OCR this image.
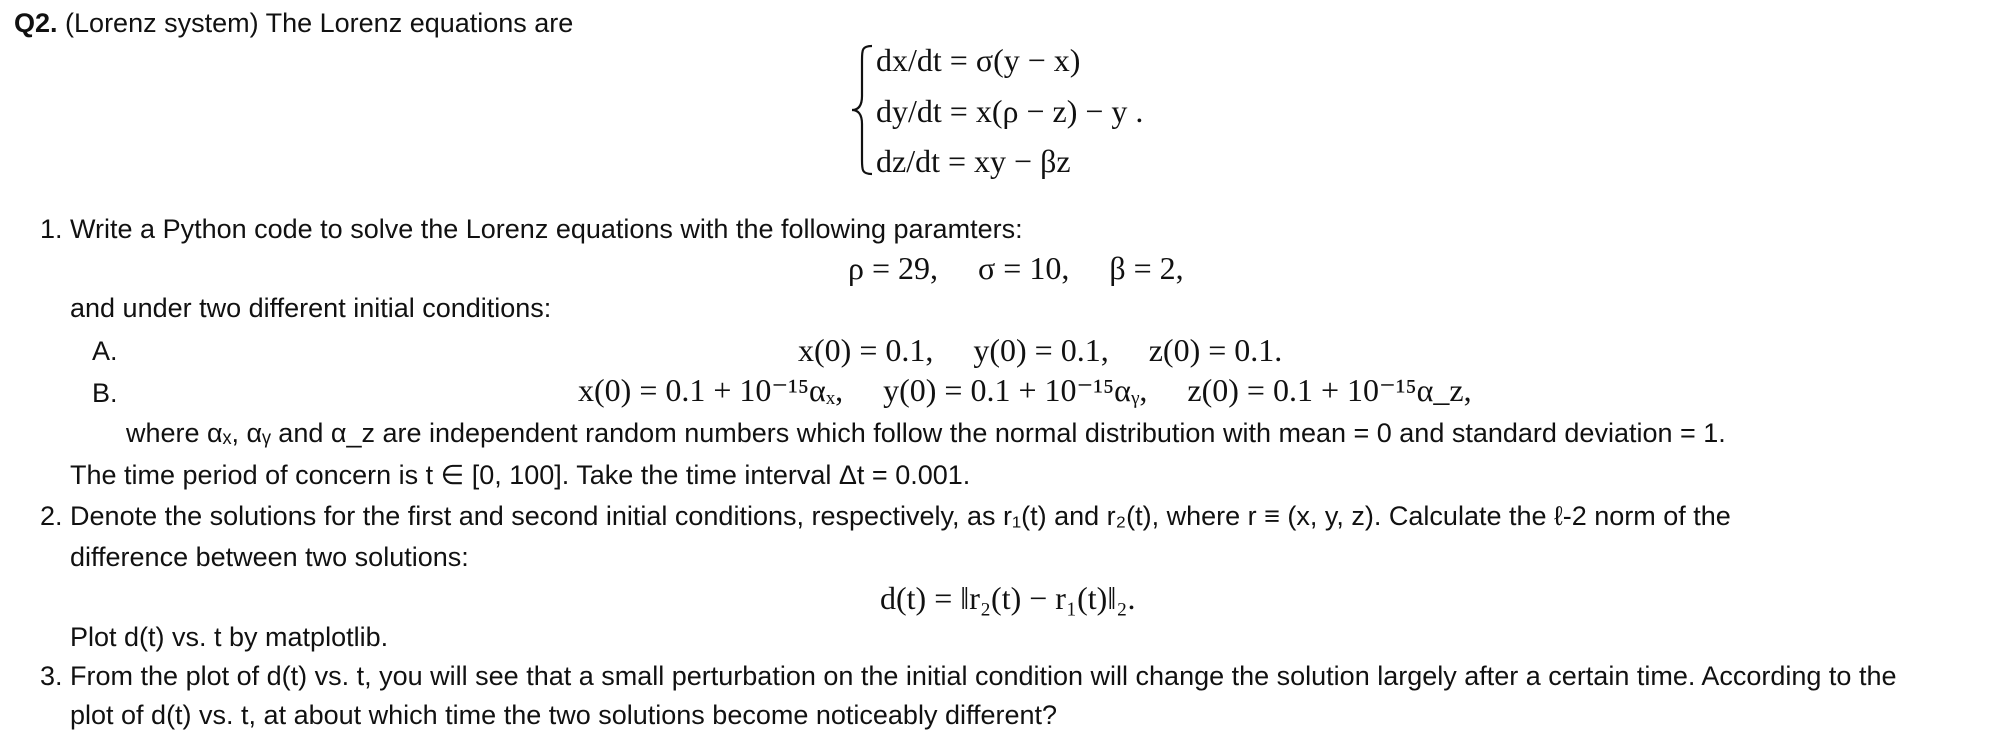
Q2. (Lorenz system) The Lorenz equations are
dx/dt = σ(y − x)
dy/dt = x(ρ − z) − y .
dz/dt = xy − βz
1. Write a Python code to solve the Lorenz equations with the following paramters:
ρ = 29,     σ = 10,     β = 2,
and under two different initial conditions:
A.	x(0) = 0.1,     y(0) = 0.1,     z(0) = 0.1.
B.	x(0) = 0.1 + 10⁻¹⁵αₓ,     y(0) = 0.1 + 10⁻¹⁵αᵧ,     z(0) = 0.1 + 10⁻¹⁵α_z,
where αₓ, αᵧ and α_z are independent random numbers which follow the normal distribution with mean = 0 and standard deviation = 1.
The time period of concern is t ∈ [0, 100]. Take the time interval Δt = 0.001.
2. Denote the solutions for the first and second initial conditions, respectively, as r₁(t) and r₂(t), where r ≡ (x, y, z). Calculate the ℓ-2 norm of the
difference between two solutions:
d(t) = ‖r₂(t) − r₁(t)‖₂.
Plot d(t) vs. t by matplotlib.
3. From the plot of d(t) vs. t, you will see that a small perturbation on the initial condition will change the solution largely after a certain time. According to the
plot of d(t) vs. t, at about which time the two solutions become noticeably different?
